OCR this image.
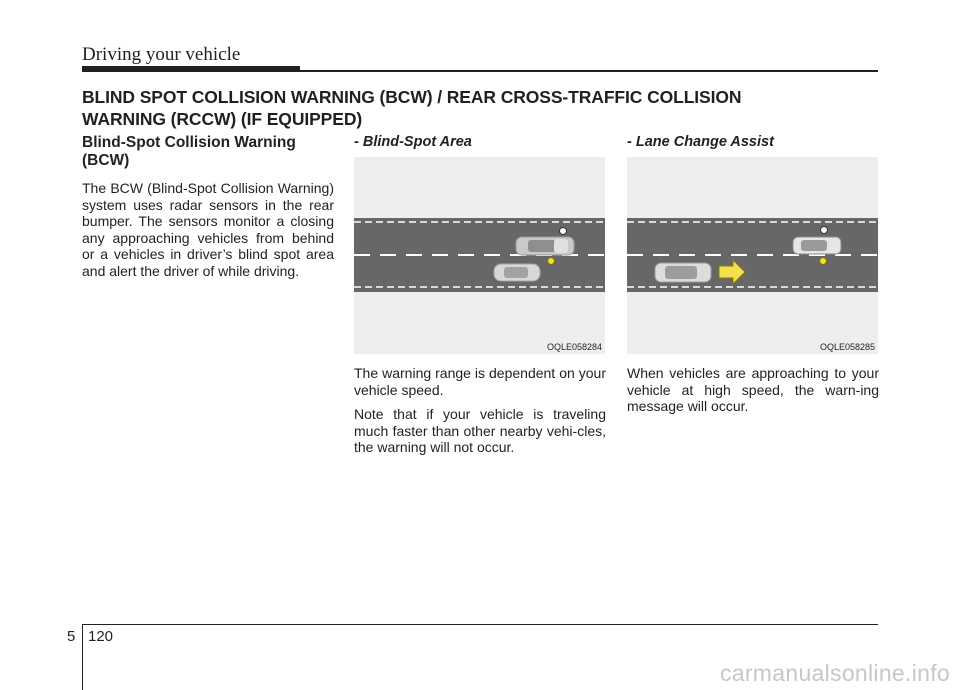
Driving your vehicle
BLIND SPOT COLLISION WARNING (BCW) / REAR CROSS-TRAFFIC COLLISION
WARNING (RCCW) (IF EQUIPPED)
Blind-Spot Collision Warning
(BCW)

The BCW (Blind-Spot Collision Warning) system uses radar sensors in the rear bumper. The sensors monitor a closing any approaching vehicles from behind or a vehicles in driver’s blind spot area and alert the driver of while driving.

- Blind-Spot Area
OQLE058284

The warning range is dependent on your vehicle speed.

Note that if your vehicle is traveling much faster than other nearby vehi-cles, the warning will not occur.

- Lane Change Assist
OQLE058285

When vehicles are approaching to your vehicle at high speed, the warn-ing message will occur.

5 120
carmanualsonline.info
